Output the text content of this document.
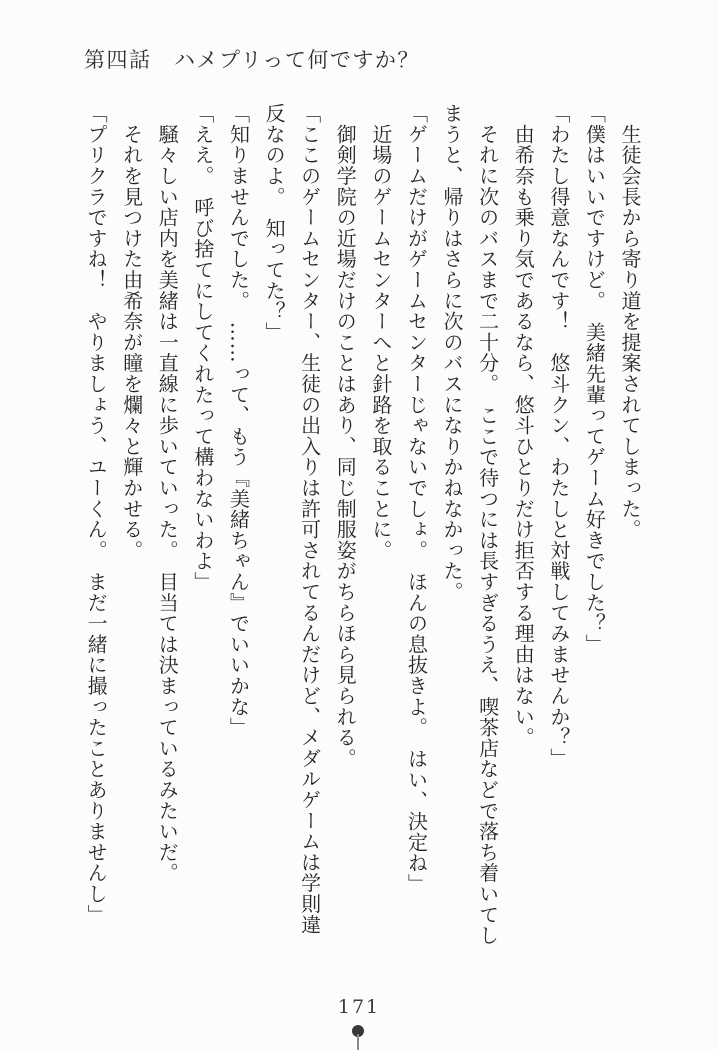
第四話　ハメプリって何ですか？

　生徒会長から寄り道を提案されてしまった。

「僕はいいですけど。　美緒先輩ってゲーム好きでした？」

「わたし得意なんです！　悠斗クン、わたしと対戦してみませんか？」

　由希奈も乗り気であるなら、悠斗ひとりだけ拒否する理由はない。

　それに次のバスまで二十分。　ここで待つには長すぎるうえ、喫茶店などで落ち着いてし

まうと、帰りはさらに次のバスになりかねなかった。

「ゲームだけがゲームセンターじゃないでしょ。　ほんの息抜きよ。　はい、決定ね」

　近場のゲームセンターへと針路を取ることに。

　御剣学院の近場だけのことはあり、同じ制服姿がちらほら見られる。

「ここのゲームセンター、生徒の出入りは許可されてるんだけど、メダルゲームは学則違

反なのよ。　知ってた？」

「知りませんでした。　……って、もう『美緒ちゃん』でいいかな」

「ええ。　呼び捨てにしてくれたって構わないわよ」

　騒々しい店内を美緒は一直線に歩いていった。　目当ては決まっているみたいだ。

　それを見つけた由希奈が瞳を爛々と輝かせる。

「プリクラですね！　やりましょう、ユーくん。　まだ一緒に撮ったことありませんし」

171
